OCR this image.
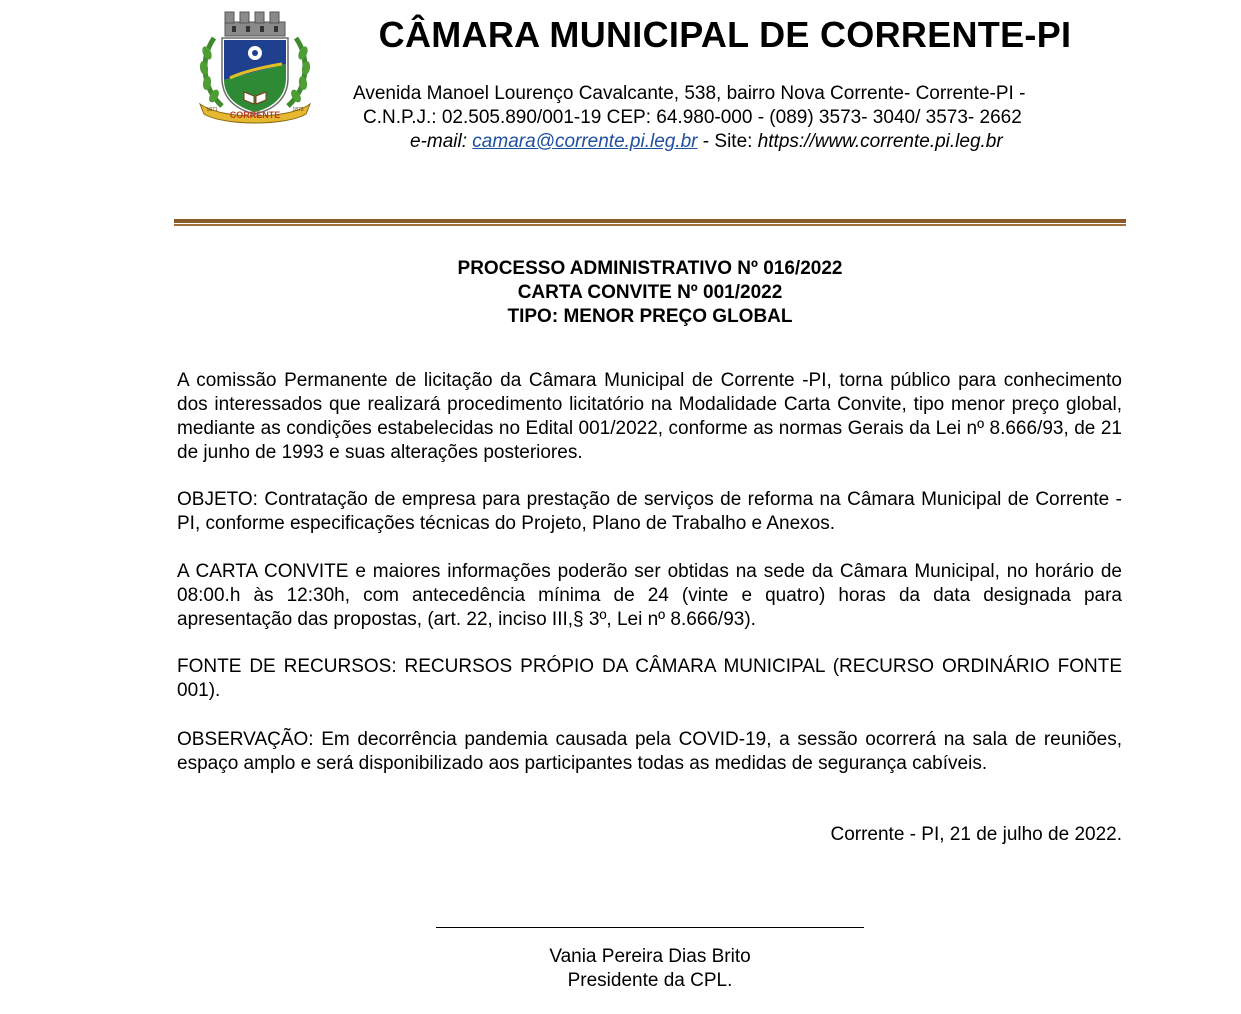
CORRENTE
1871	1873
CÂMARA MUNICIPAL DE CORRENTE-PI

Avenida Manoel Lourenço Cavalcante, 538, bairro Nova Corrente- Corrente-PI -

C.N.P.J.: 02.505.890/001-19 CEP: 64.980-000 - (089) 3573- 3040/ 3573- 2662

e-mail: camara@corrente.pi.leg.br - Site: https://www.corrente.pi.leg.br

PROCESSO ADMINISTRATIVO Nº 016/2022
CARTA CONVITE Nº 001/2022
TIPO: MENOR PREÇO GLOBAL

A comissão Permanente de licitação da Câmara Municipal de Corrente -PI, torna público para conhecimento dos interessados que realizará procedimento licitatório na Modalidade Carta Convite, tipo menor preço global, mediante as condições estabelecidas no Edital 001/2022, conforme as normas Gerais da Lei nº 8.666/93, de 21 de junho de 1993 e suas alterações posteriores.

OBJETO: Contratação de empresa para prestação de serviços de reforma na Câmara Municipal de Corrente - PI, conforme especificações técnicas do Projeto, Plano de Trabalho e Anexos.

A CARTA CONVITE e maiores informações poderão ser obtidas na sede da Câmara Municipal, no horário de 08:00.h às 12:30h, com antecedência mínima de 24 (vinte e quatro) horas da data designada para apresentação das propostas, (art. 22, inciso III,§ 3º, Lei nº 8.666/93).

FONTE DE RECURSOS: RECURSOS PRÓPIO DA CÂMARA MUNICIPAL (RECURSO ORDINÁRIO FONTE 001).

OBSERVAÇÃO: Em decorrência pandemia causada pela COVID-19, a sessão ocorrerá na sala de reuniões, espaço amplo e será disponibilizado aos participantes todas as medidas de segurança cabíveis.

Corrente - PI, 21 de julho de 2022.

Vania Pereira Dias Brito

Presidente da CPL.
